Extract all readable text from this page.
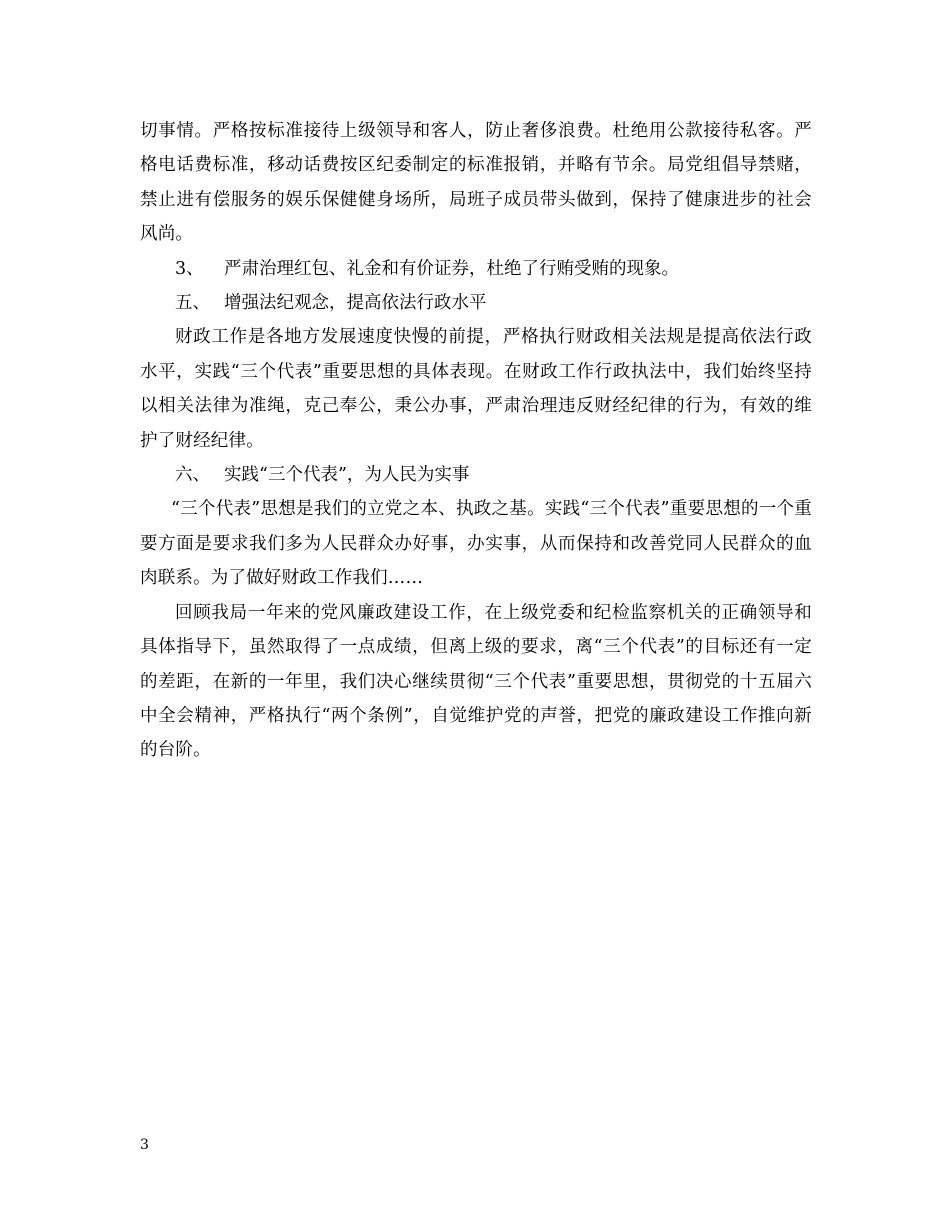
切事情。严格按标准接待上级领导和客人，防止奢侈浪费。杜绝用公款接待私客。严格电话费标准，移动话费按区纪委制定的标准报销，并略有节余。局党组倡导禁赌，禁止进有偿服务的娱乐保健健身场所，局班子成员带头做到，保持了健康进步的社会风尚。

3、 严肃治理红包、礼金和有价证券，杜绝了行贿受贿的现象。

五、 增强法纪观念，提高依法行政水平

财政工作是各地方发展速度快慢的前提，严格执行财政相关法规是提高依法行政水平，实践“三个代表”重要思想的具体表现。在财政工作行政执法中，我们始终坚持以相关法律为准绳，克己奉公，秉公办事，严肃治理违反财经纪律的行为，有效的维护了财经纪律。

六、 实践“三个代表”，为人民为实事

“三个代表”思想是我们的立党之本、执政之基。实践“三个代表”重要思想的一个重要方面是要求我们多为人民群众办好事，办实事，从而保持和改善党同人民群众的血肉联系。为了做好财政工作我们……

回顾我局一年来的党风廉政建设工作，在上级党委和纪检监察机关的正确领导和具体指导下，虽然取得了一点成绩，但离上级的要求，离“三个代表”的目标还有一定的差距，在新的一年里，我们决心继续贯彻“三个代表”重要思想，贯彻党的十五届六中全会精神，严格执行“两个条例”，自觉维护党的声誉，把党的廉政建设工作推向新的台阶。

3
